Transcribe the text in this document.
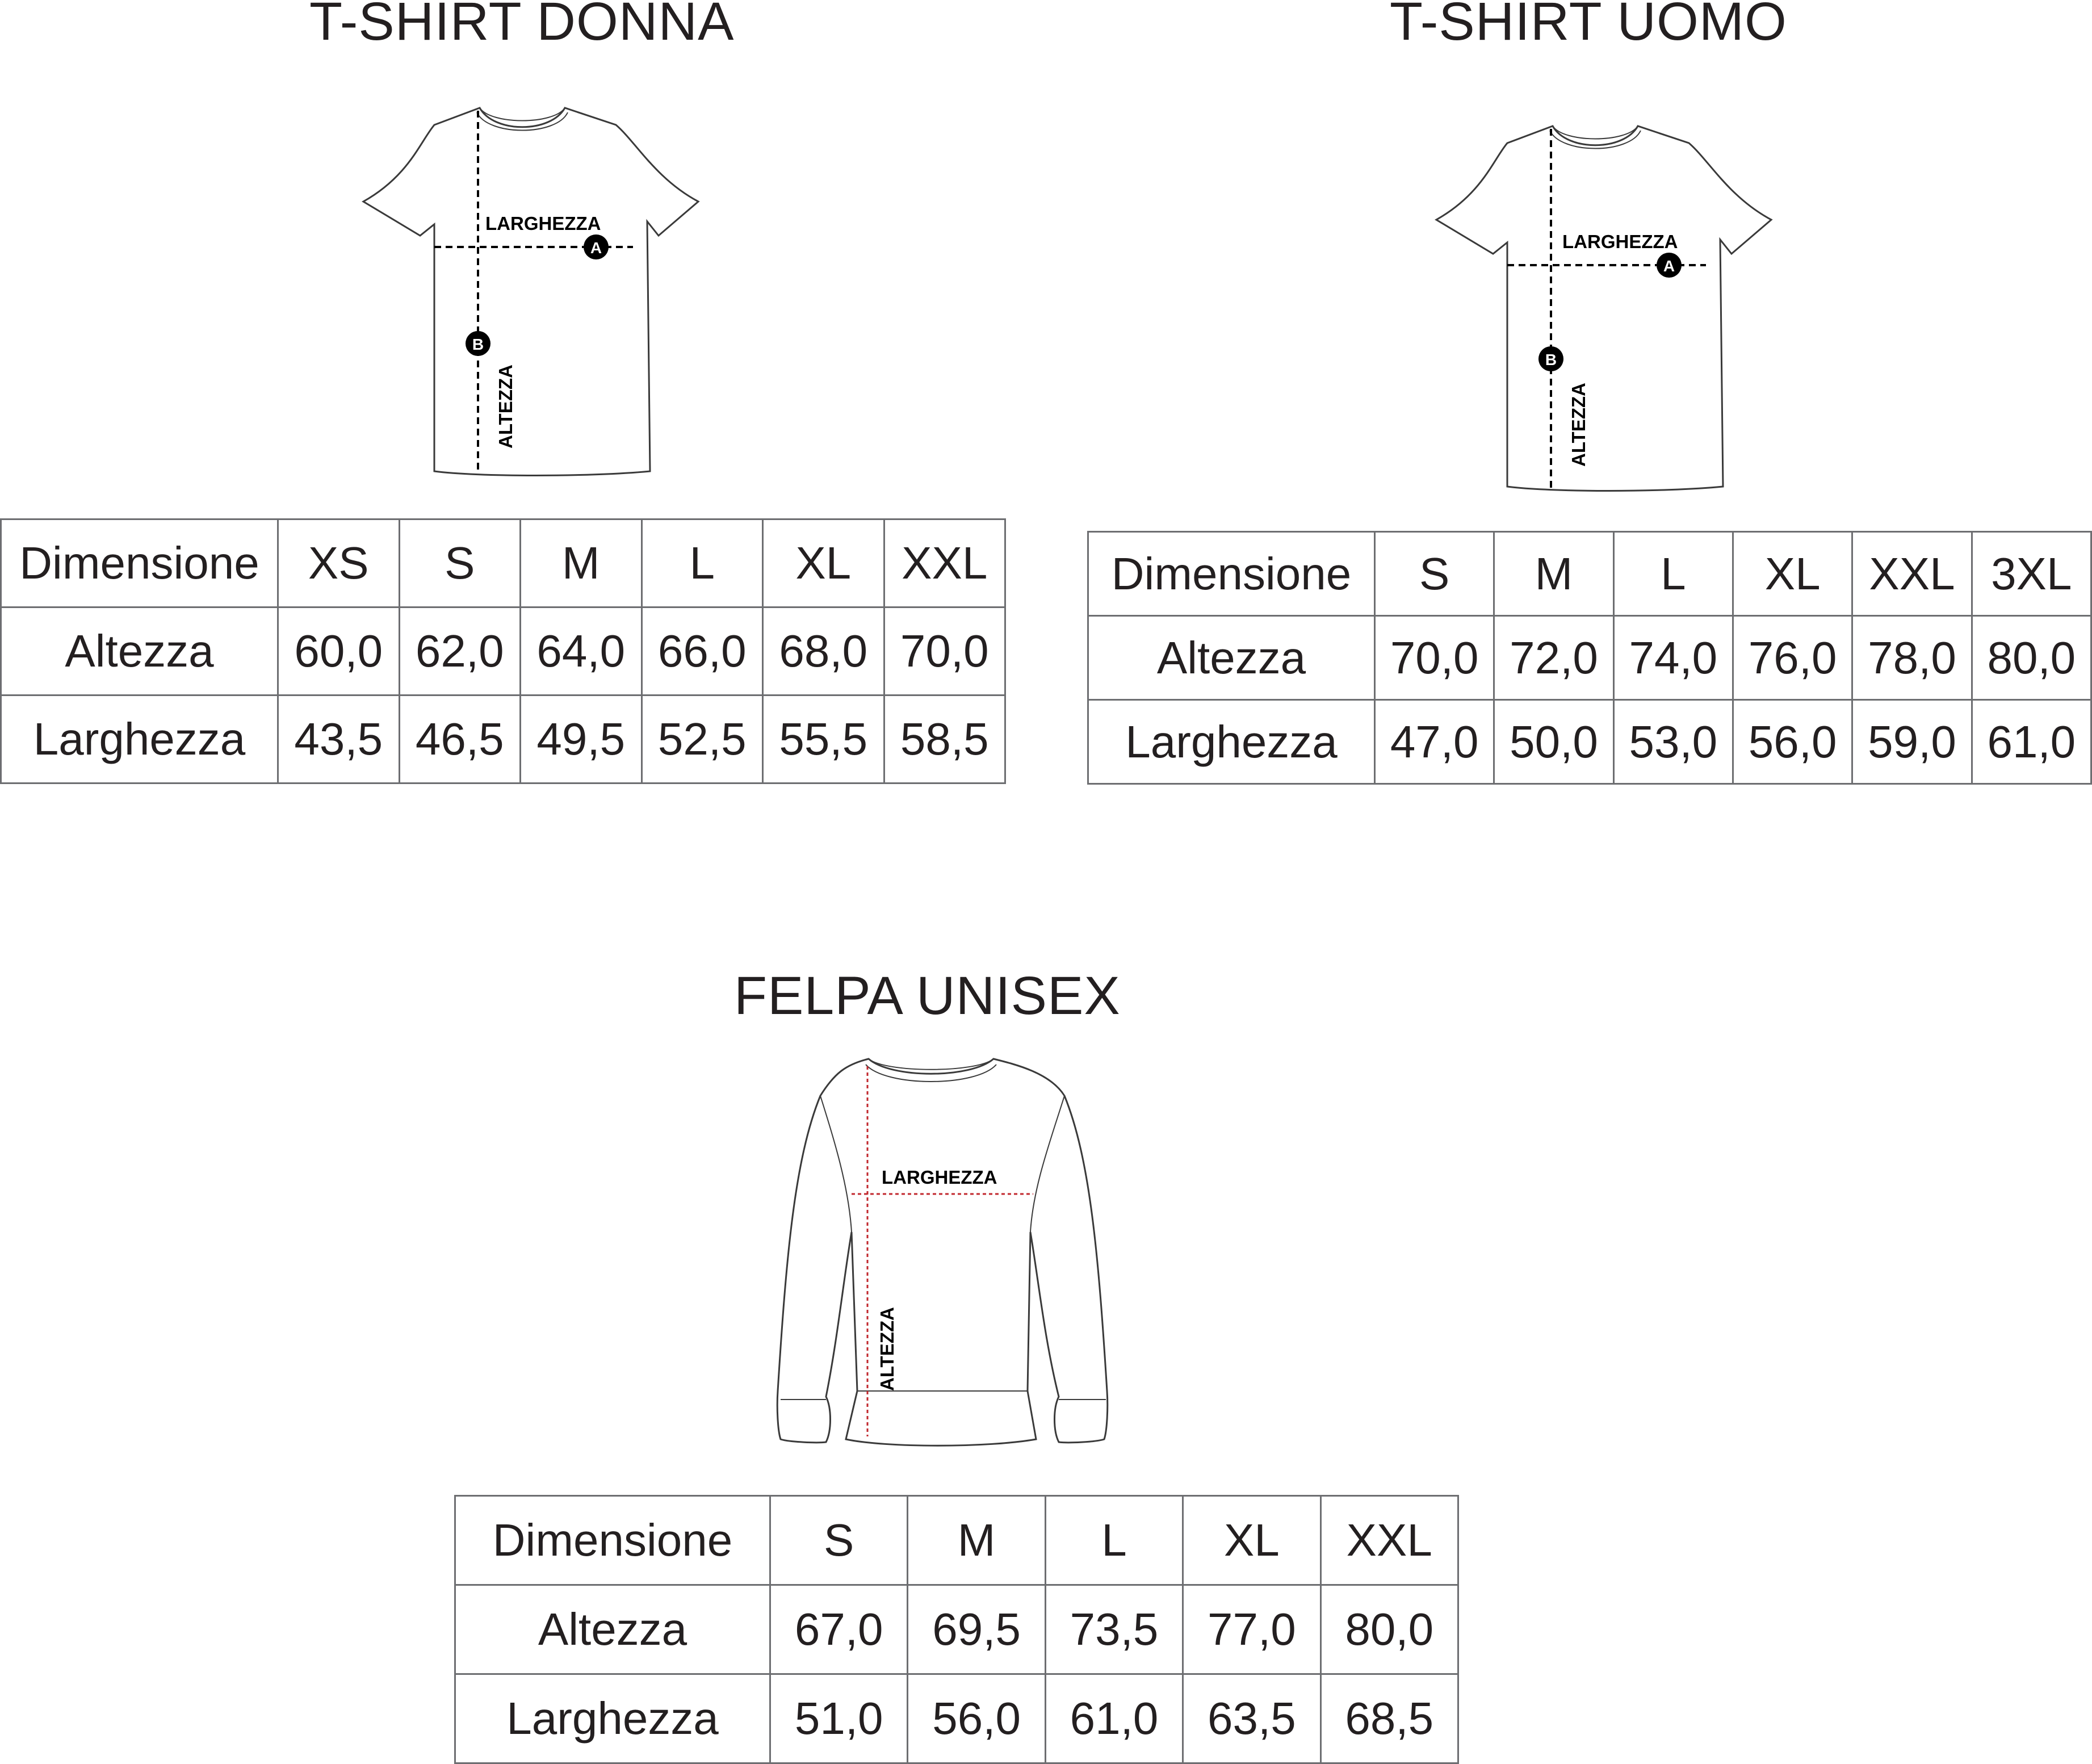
T-SHIRT DONNA
LARGHEZZA
ALTEZZA
A
B
Dimensione	XS	S	M	L	XL	XXL
Altezza	60,0	62,0	64,0	66,0	68,0	70,0
Larghezza	43,5	46,5	49,5	52,5	55,5	58,5
T-SHIRT UOMO
LARGHEZZA
ALTEZZA
A
B
Dimensione	S	M	L	XL	XXL	3XL
Altezza	70,0	72,0	74,0	76,0	78,0	80,0
Larghezza	47,0	50,0	53,0	56,0	59,0	61,0
FELPA UNISEX
LARGHEZZA
ALTEZZA
Dimensione	S	M	L	XL	XXL
Altezza	67,0	69,5	73,5	77,0	80,0
Larghezza	51,0	56,0	61,0	63,5	68,5
